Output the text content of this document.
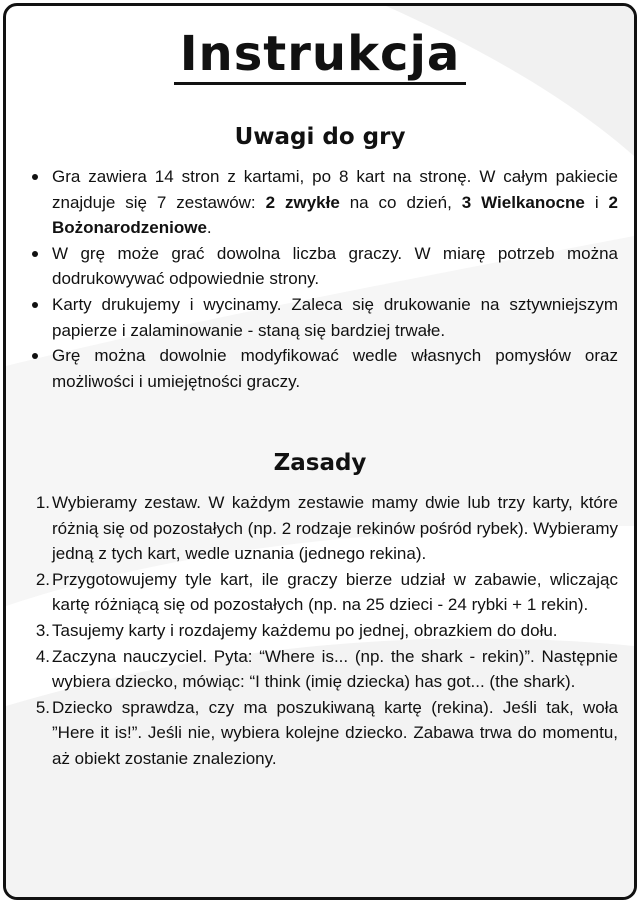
Instrukcja
Uwagi do gry
Gra zawiera 14 stron z kartami, po 8 kart na stronę. W całym pakiecie znajduje się 7 zestawów: 2 zwykłe na co dzień, 3 Wielkanocne i 2 Bożonarodzeniowe.
W grę może grać dowolna liczba graczy. W miarę potrzeb można dodrukowywać odpowiednie strony.
Karty drukujemy i wycinamy. Zaleca się drukowanie na sztywniejszym papierze i zalaminowanie - staną się bardziej trwałe.
Grę można dowolnie modyfikować wedle własnych pomysłów oraz możliwości i umiejętności graczy.
Zasady
1. Wybieramy zestaw. W każdym zestawie mamy dwie lub trzy karty, które różnią się od pozostałych (np. 2 rodzaje rekinów pośród rybek). Wybieramy jedną z tych kart, wedle uznania (jednego rekina).
2. Przygotowujemy tyle kart, ile graczy bierze udział w zabawie, wliczając kartę różniącą się od pozostałych (np. na 25 dzieci - 24 rybki + 1 rekin).
3. Tasujemy karty i rozdajemy każdemu po jednej, obrazkiem do dołu.
4. Zaczyna nauczyciel. Pyta: “Where is... (np. the shark - rekin)”. Następnie wybiera dziecko, mówiąc: “I think (imię dziecka) has got... (the shark).
5. Dziecko sprawdza, czy ma poszukiwaną kartę (rekina). Jeśli tak, woła ”Here it is!”. Jeśli nie, wybiera kolejne dziecko. Zabawa trwa do momentu, aż obiekt zostanie znaleziony.
